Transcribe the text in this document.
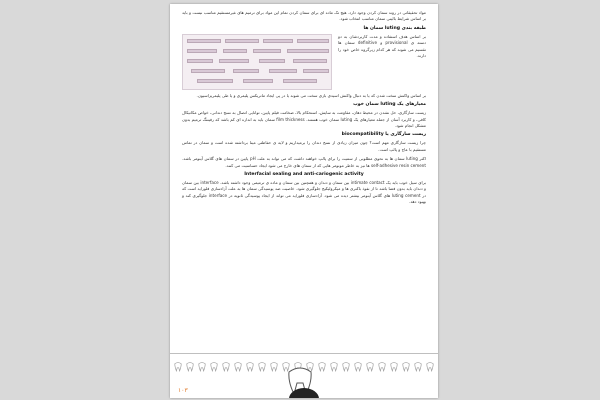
مواد تحقیقاتی در روند سمان کردن وجود دارد. هیچ تک ماده ای برای سمان کردن تمام این مواد برای ترمیم های غیرمستقیم مناسب نیست و باید بر اساس شرایط بالینی سمان مناسب انتخاب شود.

طبقه بندی luting سمان ها

بر اساس هدف استفاده و مدت کاربردشان به دو دسته ی provisional و definitive سمان ها تقسیم می شوند که هر کدام زیرگروه خاص خود را دارند.

بر اساس واکنش سخت شدن که یا به دنبال واکنش اسیدی بازی سخت می شوند یا در پی ایجاد ماتریکس پلیمری و یا طی پلیمریزاسیون.

معیارهای یک luting سمان خوب

زیست سازگاری، حل نشدن در محیط دهان، مقاومت به سایش، استحکام بالا، ضخامت فیلم پایین، توانایی اتصال به نسج دندانی، خواص مکانیکال کافی، و کاربرد آسان از جمله معیارهای یک luting سمان خوب هستند. film thickness سمان باید به اندازه ای کم باشد که رفیتنگ ترمیم بدون مشکل انجام شود.

زیست سازگاری یا biocompatibility

چرا زیست سازگاری مهم است؟ چون میزان زیادی از نسج دندان را برمیداریم و لایه ی حفاظتی مینا برداشته شده است و سمان در تماس مستقیم با عاج و پالپ است.

اکثر luting سمان ها به نحوی مطلوبی از سمیت را برای پالپ خواهند داشت که می تواند به علت pH پایین در سمان های گلاس آینومر باشد. self-adhesive resin cement ها نیز به خاطر مونومر هایی که از سمان های خارج می شود ایجاد حساسیت می کنند.

Interfacial sealing and anti-cariogenic activity

برای سیل خوب باید یک intimate contact بین سمان و دندان و همچنین بین سمان و ماده ی ترمیمی وجود داشته باشد. interface بین سمان و دندان باید بدون فضا باشد تا از نفوذ باکتری ها و میکرولیکیج جلوگیری شود. خاصیت ضد پوسیدگی سمان ها به علت آزادسازی فلوراید است که در luting cement های گلاس آینومر بیشتر دیده می شود. آزادسازی فلوراید می تواند از ایجاد پوسیدگی ثانویه در interface جلوگیری کند و بهبود دهد.

۱۰۳
